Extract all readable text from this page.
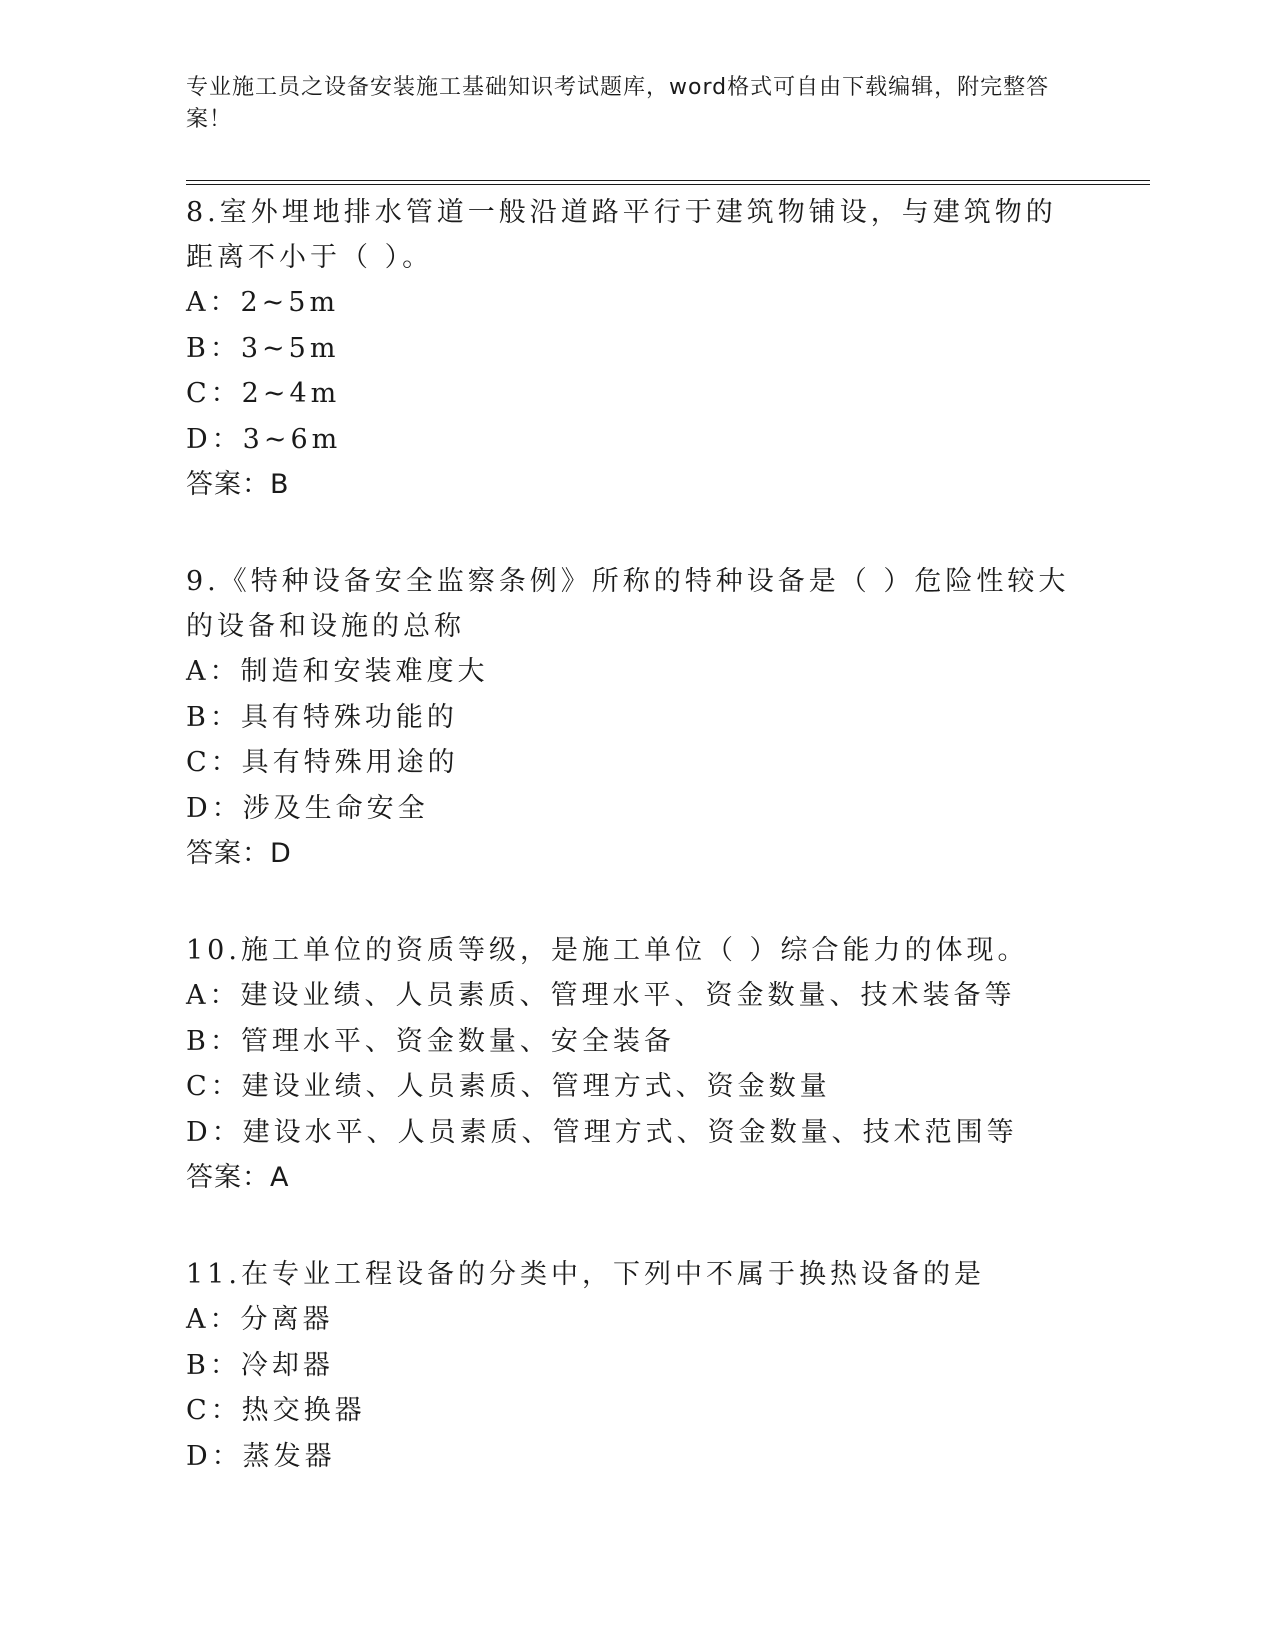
专业施工员之设备安装施工基础知识考试题库，word格式可自由下载编辑，附完整答案！

8.室外埋地排水管道一般沿道路平行于建筑物铺设，与建筑物的距离不小于（ ）。

A：2~5m

B：3~5m

C：2~4m

D：3~6m

答案：B

9.《特种设备安全监察条例》所称的特种设备是（ ）危险性较大的设备和设施的总称

A：制造和安装难度大

B：具有特殊功能的

C：具有特殊用途的

D：涉及生命安全

答案：D

10.施工单位的资质等级，是施工单位（ ）综合能力的体现。

A：建设业绩、人员素质、管理水平、资金数量、技术装备等

B：管理水平、资金数量、安全装备

C：建设业绩、人员素质、管理方式、资金数量

D：建设水平、人员素质、管理方式、资金数量、技术范围等

答案：A

11.在专业工程设备的分类中，下列中不属于换热设备的是

A：分离器

B：冷却器

C：热交换器

D：蒸发器
